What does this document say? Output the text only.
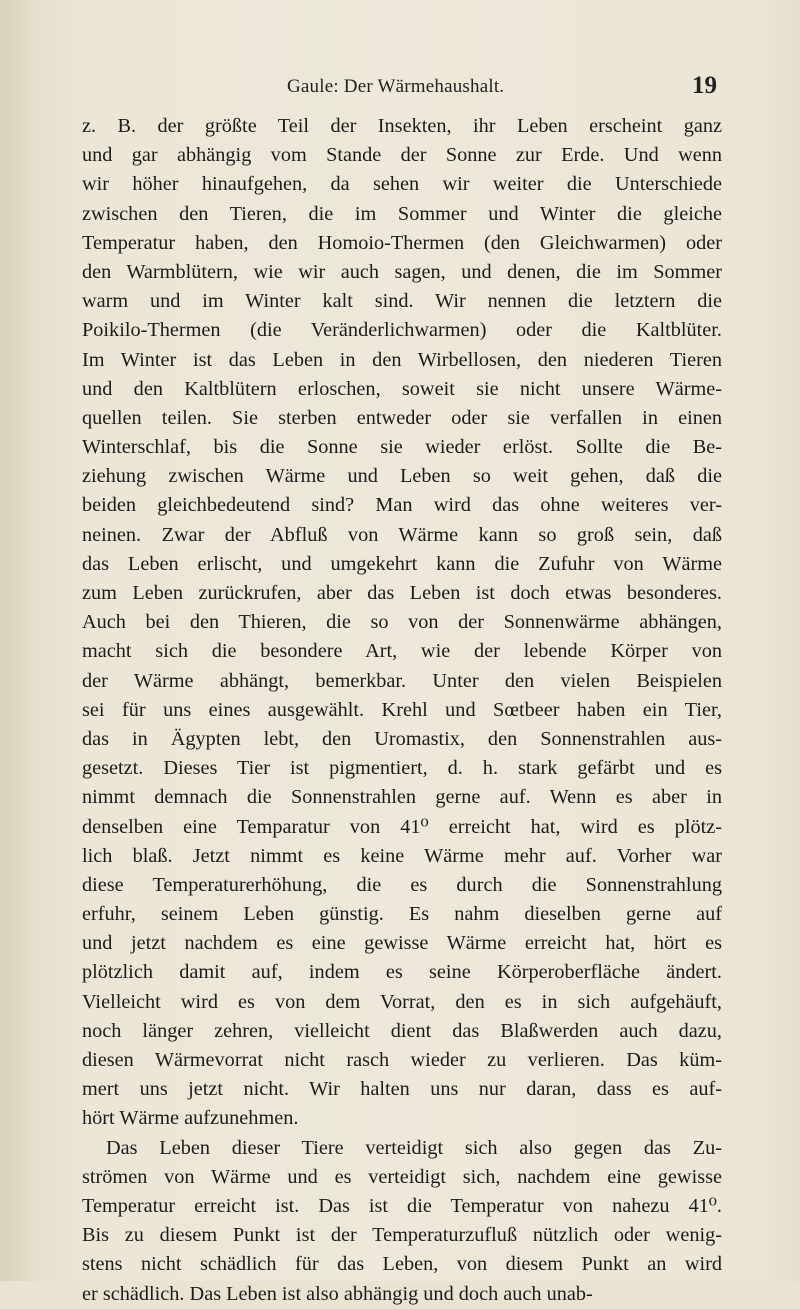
Gaule: Der Wärmehaushalt.	19
z. B. der größte Teil der Insekten, ihr Leben erscheint ganz
und gar abhängig vom Stande der Sonne zur Erde. Und wenn
wir höher hinaufgehen, da sehen wir weiter die Unterschiede
zwischen den Tieren, die im Sommer und Winter die gleiche
Temperatur haben, den Homoio-Thermen (den Gleichwarmen) oder
den Warmblütern, wie wir auch sagen, und denen, die im Sommer
warm und im Winter kalt sind. Wir nennen die letztern die
Poikilo-Thermen (die Veränderlichwarmen) oder die Kaltblüter.
Im Winter ist das Leben in den Wirbellosen, den niederen Tieren
und den Kaltblütern erloschen, soweit sie nicht unsere Wärme-
quellen teilen. Sie sterben entweder oder sie verfallen in einen
Winterschlaf, bis die Sonne sie wieder erlöst. Sollte die Be-
ziehung zwischen Wärme und Leben so weit gehen, daß die
beiden gleichbedeutend sind? Man wird das ohne weiteres ver-
neinen. Zwar der Abfluß von Wärme kann so groß sein, daß
das Leben erlischt, und umgekehrt kann die Zufuhr von Wärme
zum Leben zurückrufen, aber das Leben ist doch etwas besonderes.
Auch bei den Thieren, die so von der Sonnenwärme abhängen,
macht sich die besondere Art, wie der lebende Körper von
der Wärme abhängt, bemerkbar. Unter den vielen Beispielen
sei für uns eines ausgewählt. Krehl und Sœtbeer haben ein Tier,
das in Ägypten lebt, den Uromastix, den Sonnenstrahlen aus-
gesetzt. Dieses Tier ist pigmentiert, d. h. stark gefärbt und es
nimmt demnach die Sonnenstrahlen gerne auf. Wenn es aber in
denselben eine Temparatur von 41⁰ erreicht hat, wird es plötz-
lich blaß. Jetzt nimmt es keine Wärme mehr auf. Vorher war
diese Temperaturerhöhung, die es durch die Sonnenstrahlung
erfuhr, seinem Leben günstig. Es nahm dieselben gerne auf
und jetzt nachdem es eine gewisse Wärme erreicht hat, hört es
plötzlich damit auf, indem es seine Körperoberfläche ändert.
Vielleicht wird es von dem Vorrat, den es in sich aufgehäuft,
noch länger zehren, vielleicht dient das Blaßwerden auch dazu,
diesen Wärmevorrat nicht rasch wieder zu verlieren. Das küm-
mert uns jetzt nicht. Wir halten uns nur daran, dass es auf-
hört Wärme aufzunehmen.
Das Leben dieser Tiere verteidigt sich also gegen das Zu-
strömen von Wärme und es verteidigt sich, nachdem eine gewisse
Temperatur erreicht ist. Das ist die Temperatur von nahezu 41⁰.
Bis zu diesem Punkt ist der Temperaturzufluß nützlich oder wenig-
stens nicht schädlich für das Leben, von diesem Punkt an wird
er schädlich. Das Leben ist also abhängig und doch auch unab-
